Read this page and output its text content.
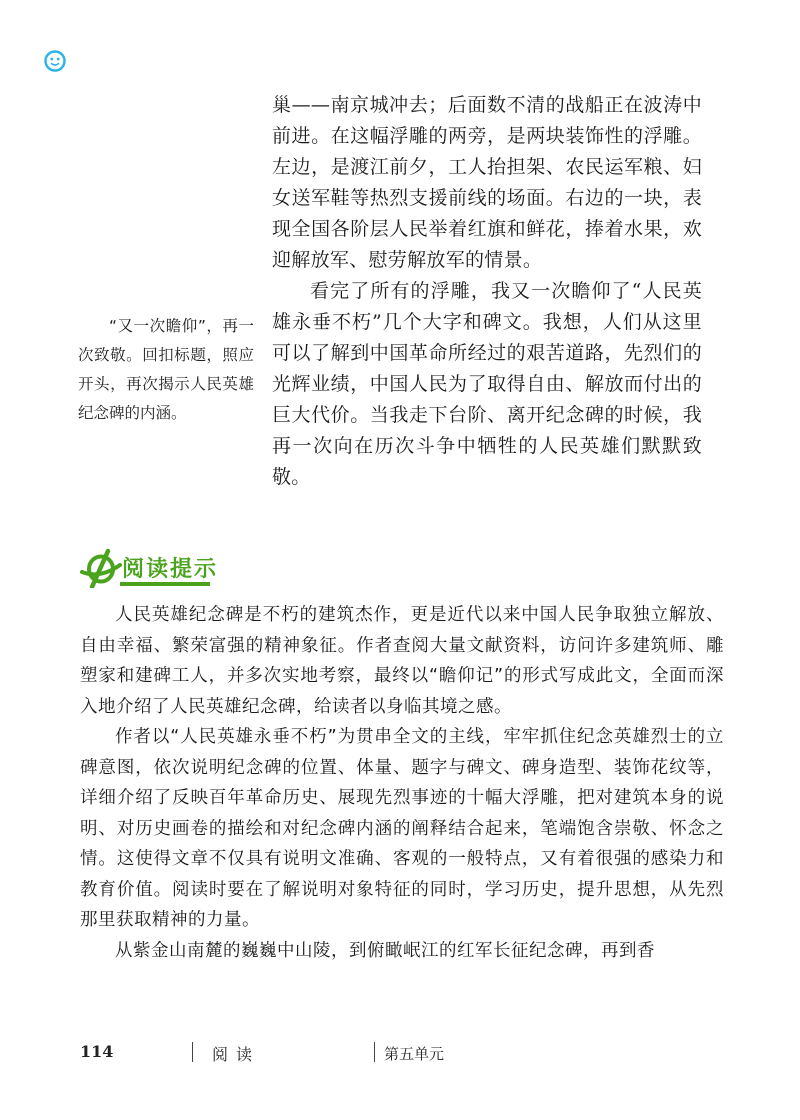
巢——南京城冲去；后面数不清的战船正在波涛中前进。在这幅浮雕的两旁，是两块装饰性的浮雕。左边，是渡江前夕，工人抬担架、农民运军粮、妇女送军鞋等热烈支援前线的场面。右边的一块，表现全国各阶层人民举着红旗和鲜花，捧着水果，欢迎解放军、慰劳解放军的情景。

看完了所有的浮雕，我又一次瞻仰了“人民英雄永垂不朽”几个大字和碑文。我想，人们从这里可以了解到中国革命所经过的艰苦道路，先烈们的光辉业绩，中国人民为了取得自由、解放而付出的巨大代价。当我走下台阶、离开纪念碑的时候，我再一次向在历次斗争中牺牲的人民英雄们默默致敬。

“又一次瞻仰”，再一次致敬。回扣标题，照应开头，再次揭示人民英雄纪念碑的内涵。

阅读提示

人民英雄纪念碑是不朽的建筑杰作，更是近代以来中国人民争取独立解放、自由幸福、繁荣富强的精神象征。作者查阅大量文献资料，访问许多建筑师、雕塑家和建碑工人，并多次实地考察，最终以“瞻仰记”的形式写成此文，全面而深入地介绍了人民英雄纪念碑，给读者以身临其境之感。

作者以“人民英雄永垂不朽”为贯串全文的主线，牢牢抓住纪念英雄烈士的立碑意图，依次说明纪念碑的位置、体量、题字与碑文、碑身造型、装饰花纹等，详细介绍了反映百年革命历史、展现先烈事迹的十幅大浮雕，把对建筑本身的说明、对历史画卷的描绘和对纪念碑内涵的阐释结合起来，笔端饱含崇敬、怀念之情。这使得文章不仅具有说明文准确、客观的一般特点，又有着很强的感染力和教育价值。阅读时要在了解说明对象特征的同时，学习历史，提升思想，从先烈那里获取精神的力量。

从紫金山南麓的巍巍中山陵，到俯瞰岷江的红军长征纪念碑，再到香

114	阅读	第五单元
